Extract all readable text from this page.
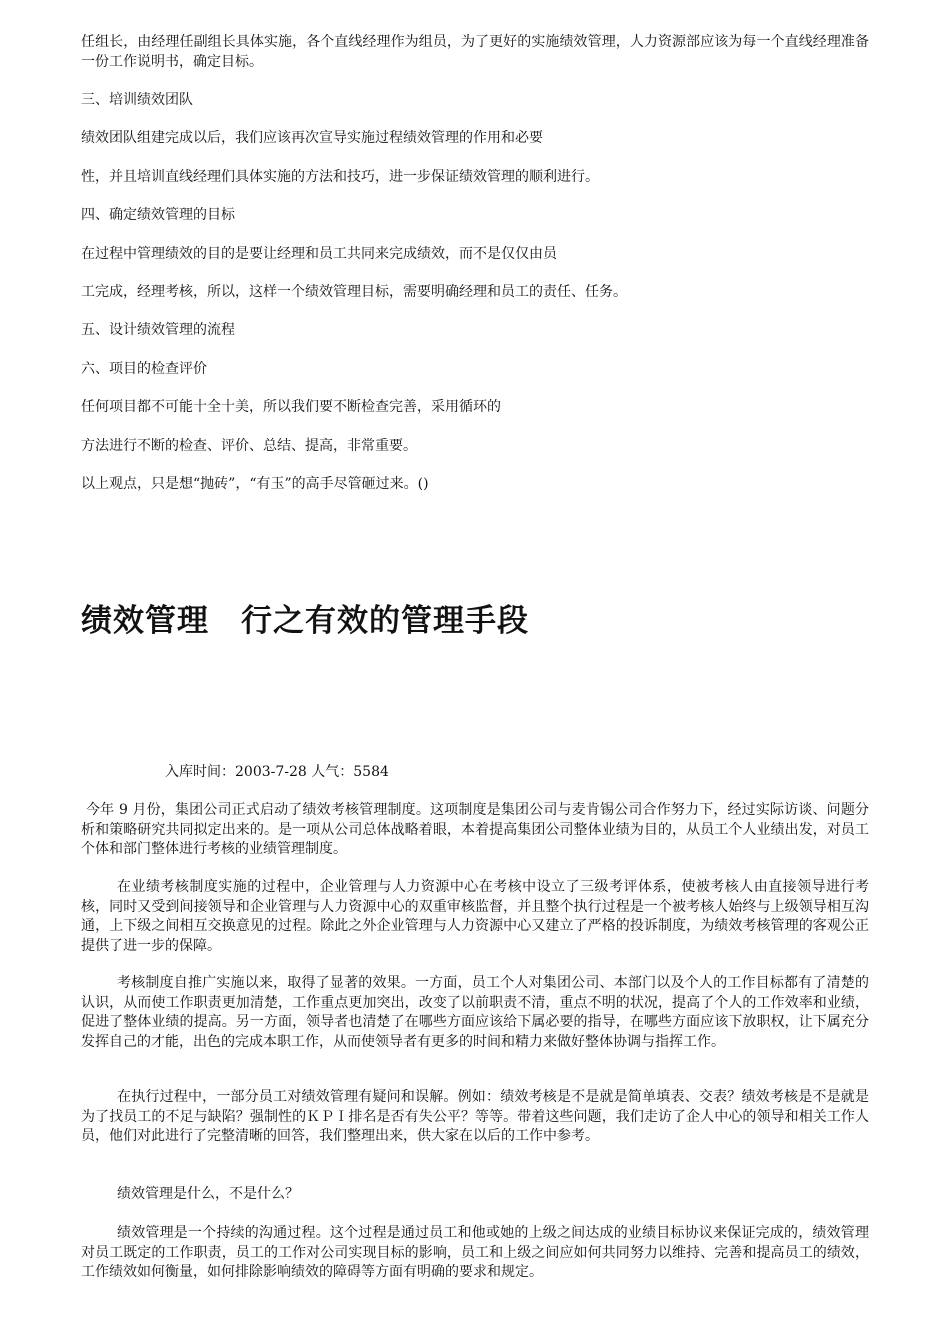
任组长，由经理任副组长具体实施，各个直线经理作为组员，为了更好的实施绩效管理，人力资源部应该为每一个直线经理准备一份工作说明书，确定目标。

三、培训绩效团队

绩效团队组建完成以后，我们应该再次宣导实施过程绩效管理的作用和必要

性，并且培训直线经理们具体实施的方法和技巧，进一步保证绩效管理的顺利进行。

四、确定绩效管理的目标

在过程中管理绩效的目的是要让经理和员工共同来完成绩效，而不是仅仅由员

工完成，经理考核，所以，这样一个绩效管理目标，需要明确经理和员工的责任、任务。

五、设计绩效管理的流程

六、项目的检查评价

任何项目都不可能十全十美，所以我们要不断检查完善，采用循环的

方法进行不断的检查、评价、总结、提高，非常重要。

以上观点，只是想“抛砖”，“有玉”的高手尽管砸过来。()

绩效管理　行之有效的管理手段

入库时间：2003-7-28 人气：5584

今年 9 月份，集团公司正式启动了绩效考核管理制度。这项制度是集团公司与麦肯锡公司合作努力下，经过实际访谈、问题分析和策略研究共同拟定出来的。是一项从公司总体战略着眼，本着提高集团公司整体业绩为目的，从员工个人业绩出发，对员工个体和部门整体进行考核的业绩管理制度。

在业绩考核制度实施的过程中，企业管理与人力资源中心在考核中设立了三级考评体系，使被考核人由直接领导进行考核，同时又受到间接领导和企业管理与人力资源中心的双重审核监督，并且整个执行过程是一个被考核人始终与上级领导相互沟通，上下级之间相互交换意见的过程。除此之外企业管理与人力资源中心又建立了严格的投诉制度，为绩效考核管理的客观公正提供了进一步的保障。

考核制度自推广实施以来，取得了显著的效果。一方面，员工个人对集团公司、本部门以及个人的工作目标都有了清楚的认识，从而使工作职责更加清楚，工作重点更加突出，改变了以前职责不清，重点不明的状况，提高了个人的工作效率和业绩，促进了整体业绩的提高。另一方面，领导者也清楚了在哪些方面应该给下属必要的指导，在哪些方面应该下放职权，让下属充分发挥自己的才能，出色的完成本职工作，从而使领导者有更多的时间和精力来做好整体协调与指挥工作。

在执行过程中，一部分员工对绩效管理有疑问和误解。例如：绩效考核是不是就是简单填表、交表？绩效考核是不是就是为了找员工的不足与缺陷？强制性的ＫＰＩ排名是否有失公平？等等。带着这些问题，我们走访了企人中心的领导和相关工作人员，他们对此进行了完整清晰的回答，我们整理出来，供大家在以后的工作中参考。

绩效管理是什么，不是什么？

绩效管理是一个持续的沟通过程。这个过程是通过员工和他或她的上级之间达成的业绩目标协议来保证完成的，绩效管理对员工既定的工作职责，员工的工作对公司实现目标的影响，员工和上级之间应如何共同努力以维持、完善和提高员工的绩效，工作绩效如何衡量，如何排除影响绩效的障碍等方面有明确的要求和规定。
